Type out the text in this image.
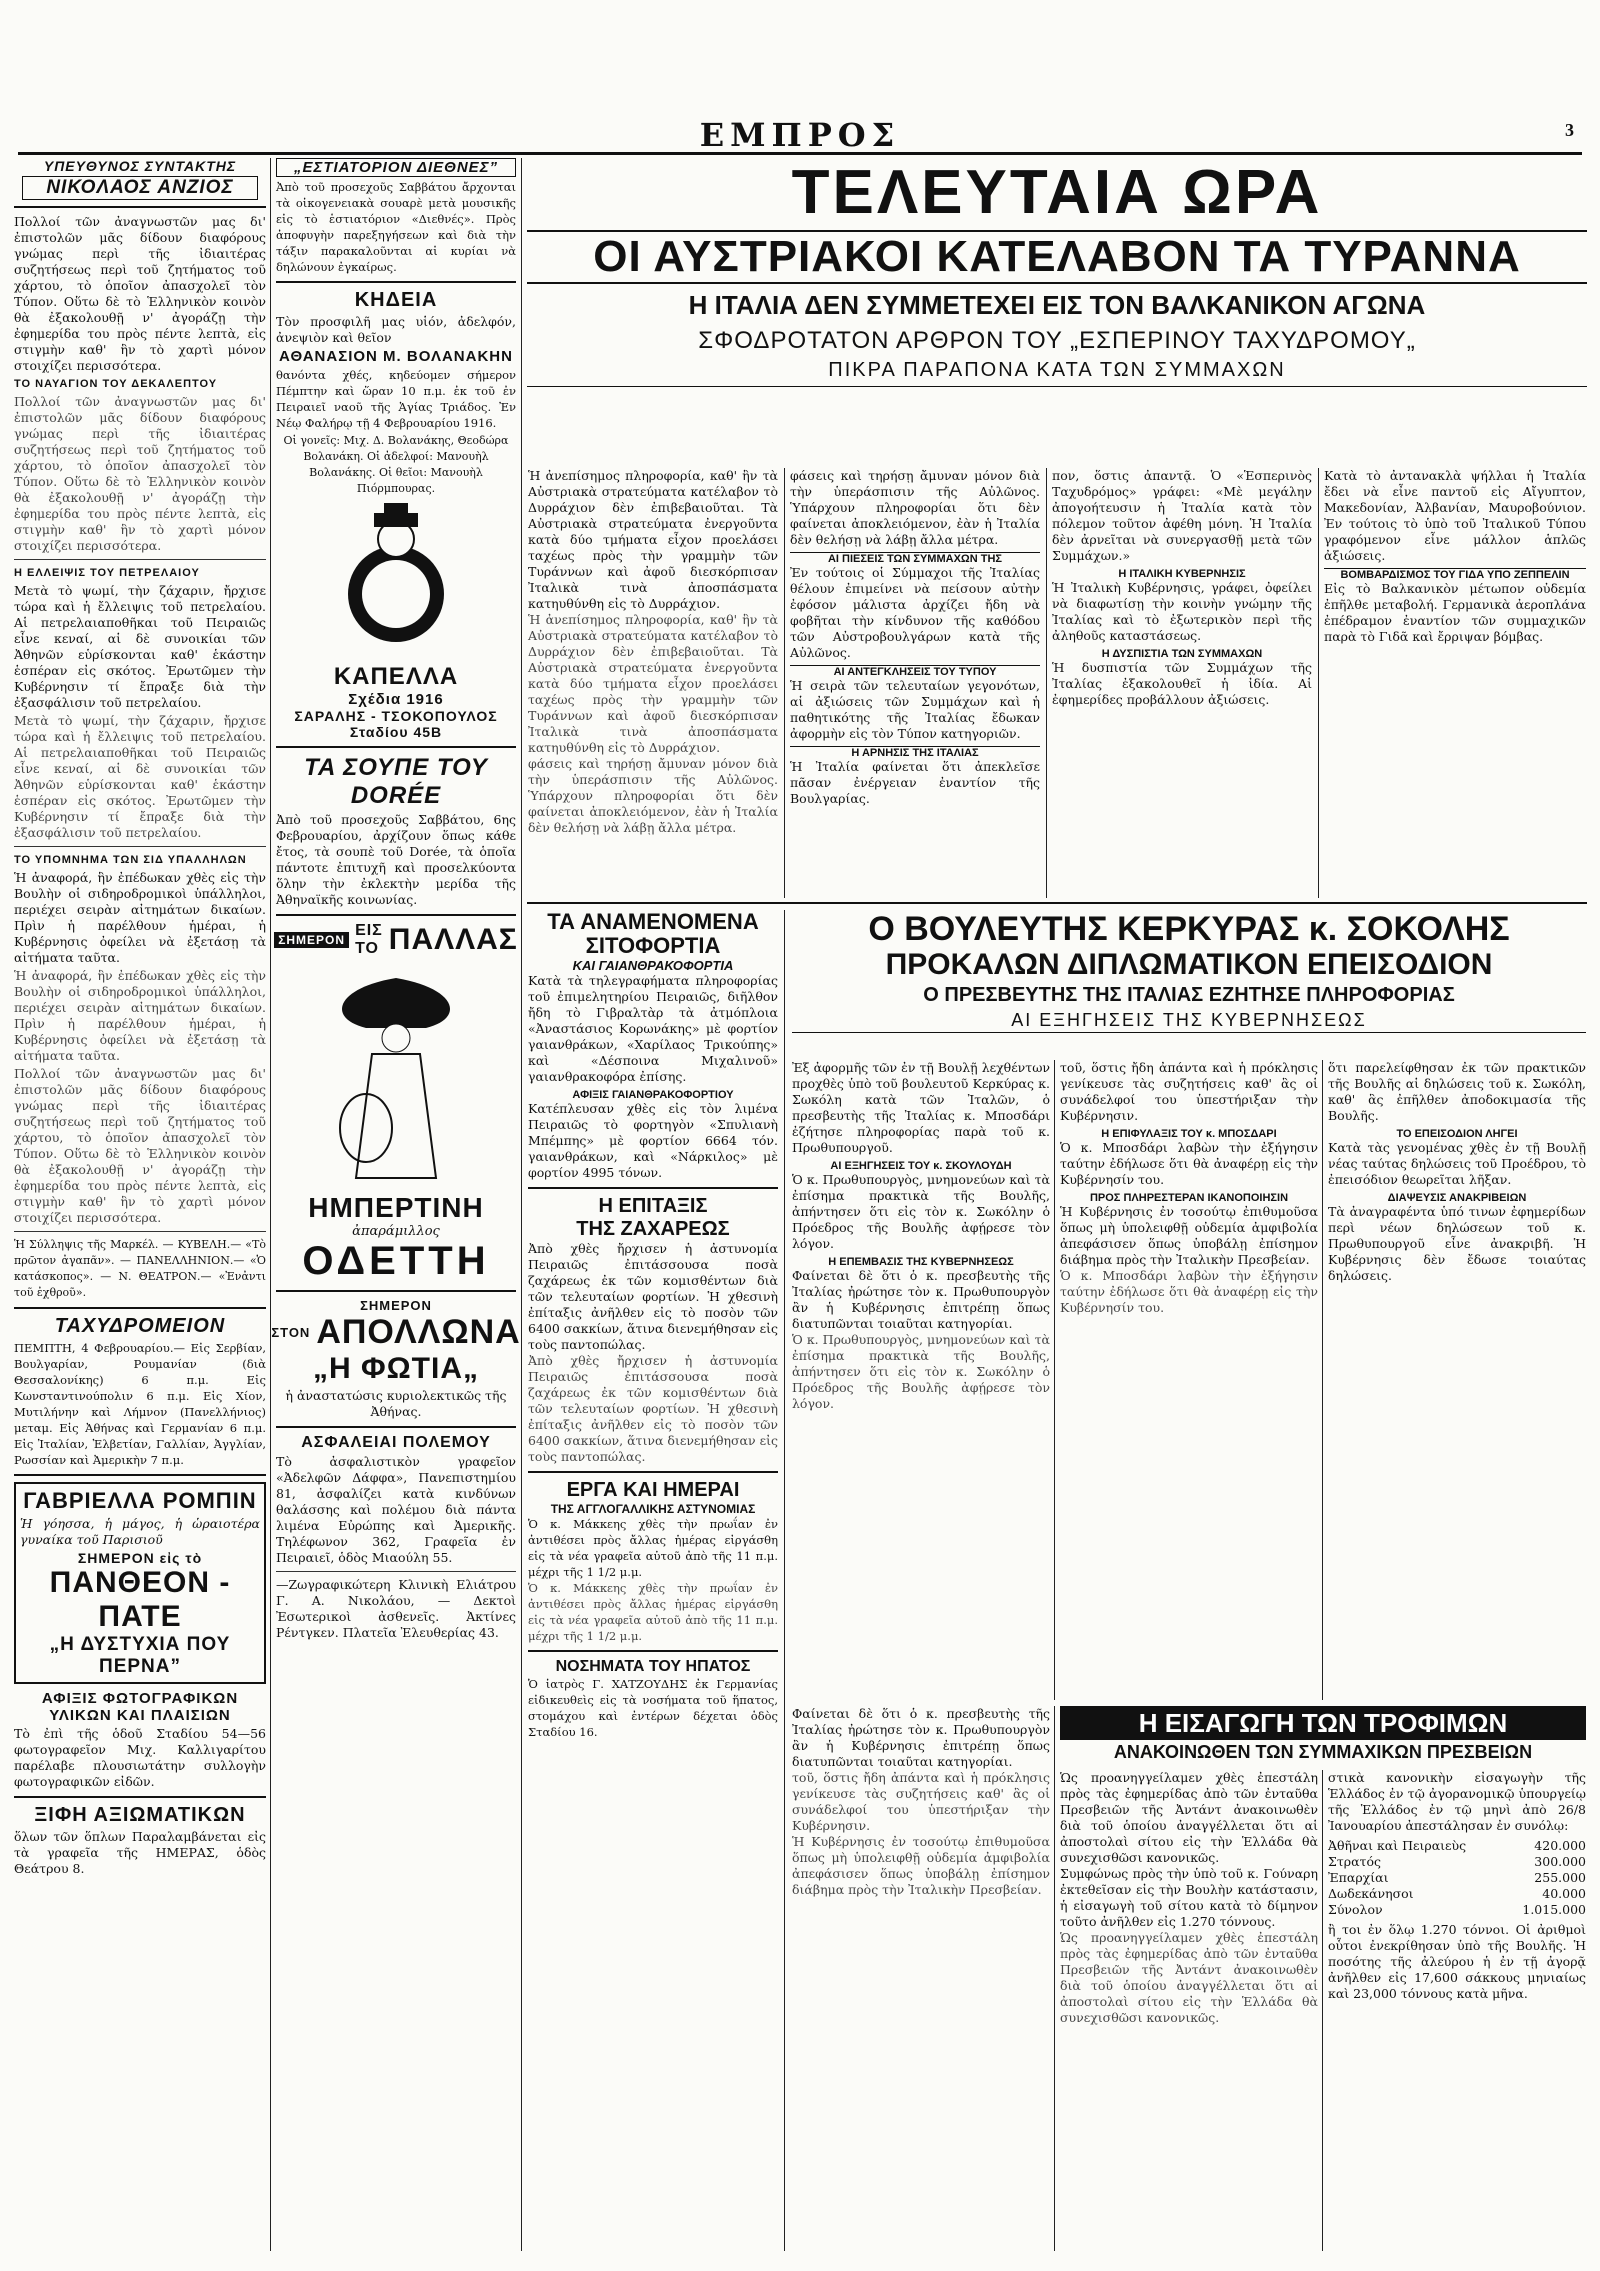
ΕΜΠΡΟΣ	3
ΥΠΕΥΘΥΝΟΣ ΣΥΝΤΑΚΤΗΣ
ΝΙΚΟΛΑΟΣ ΑΝΖΙΟΣ
Πολλοί τῶν ἀναγνωστῶν μας δι' ἐπιστολῶν μᾶς δίδουν διαφόρους γνώμας περὶ τῆς ἰδιαιτέρας συζητήσεως περὶ τοῦ ζητήματος τοῦ χάρτου, τὸ ὁποῖον ἀπασχολεῖ τὸν Τύπον. Οὕτω δὲ τὸ Ἑλληνικὸν κοινὸν θὰ ἐξακολουθῇ ν' ἀγοράζῃ τὴν ἐφημερίδα του πρὸς πέντε λεπτὰ, εἰς στιγμὴν καθ' ἣν τὸ χαρτὶ μόνον στοιχίζει περισσότερα.
ΤΟ ΝΑΥΑΓΙΟΝ ΤΟΥ ΔΕΚΑΛΕΠΤΟΥ
Πολλοί τῶν ἀναγνωστῶν μας δι' ἐπιστολῶν μᾶς δίδουν διαφόρους γνώμας περὶ τῆς ἰδιαιτέρας συζητήσεως περὶ τοῦ ζητήματος τοῦ χάρτου, τὸ ὁποῖον ἀπασχολεῖ τὸν Τύπον. Οὕτω δὲ τὸ Ἑλληνικὸν κοινὸν θὰ ἐξακολουθῇ ν' ἀγοράζῃ τὴν ἐφημερίδα του πρὸς πέντε λεπτὰ, εἰς στιγμὴν καθ' ἣν τὸ χαρτὶ μόνον στοιχίζει περισσότερα.
Η ΕΛΛΕΙΨΙΣ ΤΟΥ ΠΕΤΡΕΛΑΙΟΥ
Μετὰ τὸ ψωμί, τὴν ζάχαριν, ἤρχισε τώρα καὶ ἡ ἔλλειψις τοῦ πετρελαίου. Αἱ πετρελαιαποθῆκαι τοῦ Πειραιῶς εἶνε κεναί, αἱ δὲ συνοικίαι τῶν Ἀθηνῶν εὑρίσκονται καθ' ἑκάστην ἑσπέραν εἰς σκότος. Ἐρωτῶμεν τὴν Κυβέρνησιν τί ἔπραξε διὰ τὴν ἐξασφάλισιν τοῦ πετρελαίου.
Μετὰ τὸ ψωμί, τὴν ζάχαριν, ἤρχισε τώρα καὶ ἡ ἔλλειψις τοῦ πετρελαίου. Αἱ πετρελαιαποθῆκαι τοῦ Πειραιῶς εἶνε κεναί, αἱ δὲ συνοικίαι τῶν Ἀθηνῶν εὑρίσκονται καθ' ἑκάστην ἑσπέραν εἰς σκότος. Ἐρωτῶμεν τὴν Κυβέρνησιν τί ἔπραξε διὰ τὴν ἐξασφάλισιν τοῦ πετρελαίου.
ΤΟ ΥΠΟΜΝΗΜΑ ΤΩΝ ΣΙΔ ΥΠΑΛΛΗΛΩΝ
Ἡ ἀναφορά, ἣν ἐπέδωκαν χθὲς εἰς τὴν Βουλὴν οἱ σιδηροδρομικοὶ ὑπάλληλοι, περιέχει σειρὰν αἰτημάτων δικαίων. Πρὶν ἡ παρέλθουν ἡμέραι, ἡ Κυβέρνησις ὀφείλει νὰ ἐξετάσῃ τὰ αἰτήματα ταῦτα.
Ἡ ἀναφορά, ἣν ἐπέδωκαν χθὲς εἰς τὴν Βουλὴν οἱ σιδηροδρομικοὶ ὑπάλληλοι, περιέχει σειρὰν αἰτημάτων δικαίων. Πρὶν ἡ παρέλθουν ἡμέραι, ἡ Κυβέρνησις ὀφείλει νὰ ἐξετάσῃ τὰ αἰτήματα ταῦτα.
Πολλοί τῶν ἀναγνωστῶν μας δι' ἐπιστολῶν μᾶς δίδουν διαφόρους γνώμας περὶ τῆς ἰδιαιτέρας συζητήσεως περὶ τοῦ ζητήματος τοῦ χάρτου, τὸ ὁποῖον ἀπασχολεῖ τὸν Τύπον. Οὕτω δὲ τὸ Ἑλληνικὸν κοινὸν θὰ ἐξακολουθῇ ν' ἀγοράζῃ τὴν ἐφημερίδα του πρὸς πέντε λεπτὰ, εἰς στιγμὴν καθ' ἣν τὸ χαρτὶ μόνον στοιχίζει περισσότερα.
Ἡ Σύλληψις τῆς Μαρκέλ. — ΚΥΒΕΛΗ.— «Τὸ πρῶτον ἀγαπᾶν». — ΠΑΝΕΛΛΗΝΙΟΝ.— «Ὁ κατάσκοπος». — Ν. ΘΕΑΤΡΟΝ.— «Ἐνἀντι τοῦ ἐχθροῦ».
ΤΑΧΥΔΡΟΜΕΙΟΝ
ΠΕΜΠΤΗ, 4 Φεβρουαρίου.— Εἰς Σερβίαν, Βουλγαρίαν, Ρουμανίαν (διὰ Θεσσαλονίκης) 6 π.μ. Εἰς Κωνσταντινούπολιν 6 π.μ. Εἰς Χίον, Μυτιλήνην καὶ Λήμνον (Πανελλήνιος) μεταμ. Εἰς Ἀθήνας καὶ Γερμανίαν 6 π.μ. Εἰς Ἰταλίαν, Ἑλβετίαν, Γαλλίαν, Ἀγγλίαν, Ρωσσίαν καὶ Ἀμερικὴν 7 π.μ.
ΓΑΒΡΙΕΛΛΑ ΡΟΜΠΙΝ
Ἡ γόησσα, ἡ μάγος, ἡ ὡραιοτέρα γυναίκα τοῦ Παρισιοῦ
ΣΗΜΕΡΟΝ εἰς τὸ
ΠΑΝΘΕΟΝ - ΠΑΤΕ
„Η ΔΥΣΤΥΧΙΑ ΠΟΥ ΠΕΡΝΑ”
ΑΦΙΞΙΣ ΦΩΤΟΓΡΑΦΙΚΩΝ ΥΛΙΚΩΝ ΚΑΙ ΠΛΑΙΣΙΩΝ
Τὸ ἐπὶ τῆς ὁδοῦ Σταδίου 54—56 φωτογραφεῖον Μιχ. Καλλιγαρίτου παρέλαβε πλουσιωτάτην συλλογὴν φωτογραφικῶν εἰδῶν.
ΞΙΦΗ ΑΞΙΩΜΑΤΙΚΩΝ
ὅλων τῶν ὅπλων Παραλαμβάνεται εἰς τὰ γραφεῖα τῆς ΗΜΕΡΑΣ, ὁδὸς Θεάτρου 8.
„ΕΣΤΙΑΤΟΡΙΟΝ ΔΙΕΘΝΕΣ”
Ἀπὸ τοῦ προσεχοῦς Σαββάτου ἄρχονται τὰ οἰκογενειακὰ σουαρὲ μετὰ μουσικῆς εἰς τὸ ἑστιατόριον «Διεθνές». Πρὸς ἀποφυγὴν παρεξηγήσεων καὶ διὰ τὴν τάξιν παρακαλοῦνται αἱ κυρίαι νὰ δηλώνουν ἐγκαίρως.
ΚΗΔΕΙΑ
Τὸν προσφιλῆ μας υἱόν, ἀδελφόν, ἀνεψιὸν καὶ θεῖον
ΑΘΑΝΑΣΙΟΝ Μ. ΒΟΛΑΝΑΚΗΝ
θανόντα χθές, κηδεύομεν σήμερον Πέμπτην καὶ ὥραν 10 π.μ. ἐκ τοῦ ἐν Πειραιεῖ ναοῦ τῆς Ἁγίας Τριάδος. Ἐν Νέῳ Φαλήρῳ τῇ 4 Φεβρουαρίου 1916.
Οἱ γονεῖς: Μιχ. Δ. Βολανάκης, Θεοδώρα Βολανάκη. Οἱ ἀδελφοί: Μανουὴλ Βολανάκης. Οἱ θεῖοι: Μανουὴλ Πιόρμπουρας.
ΚΑΠΕΛΛΑ
Σχέδια 1916
ΣΑΡΑΛΗΣ - ΤΣΟΚΟΠΟΥΛΟΣ
Σταδίου 45Β
ΤΑ ΣΟΥΠΕ ΤΟΥ DORÉE
Ἀπὸ τοῦ προσεχοῦς Σαββάτου, 6ης Φεβρουαρίου, ἀρχίζουν ὅπως κάθε ἔτος, τὰ σουπὲ τοῦ Dorée, τὰ ὁποῖα πάντοτε ἐπιτυχῆ καὶ προσελκύοντα ὅλην τὴν ἐκλεκτὴν μερίδα τῆς Ἀθηναϊκῆς κοινωνίας.
ΣΗΜΕΡΟΝ
ΕΙΣ ΤΟ ΠΑΛΛΑΣ
ΗΜΠΕΡΤΙΝΗ
ἀπαράμιλλος
ΟΔΕΤΤΗ
ΣΗΜΕΡΟΝ
ΣΤΟΝ ΑΠΟΛΛΩΝΑ
„Η ΦΩΤΙΑ„
ἡ ἀναστατώσις κυριολεκτικῶς τῆς Ἀθήνας.
ΑΣΦΑΛΕΙΑΙ ΠΟΛΕΜΟΥ
Τὸ ἀσφαλιστικὸν γραφεῖον «Ἀδελφῶν Δάφφα», Πανεπιστημίου 81, ἀσφαλίζει κατὰ κινδύνων θαλάσσης καὶ πολέμου διὰ πάντα λιμένα Εὐρώπης καὶ Ἀμερικῆς. Τηλέφωνον 362, Γραφεῖα ἐν Πειραιεῖ, ὁδὸς Μιαούλη 55.
—Ζωγραφικώτερη Κλινικὴ Ελιάτρου Γ. Α. Νικολάου, — Δεκτοὶ Ἐσωτερικοὶ ἀσθενεῖς. Ἀκτίνες Ρέντγκεν. Πλατεῖα Ἐλευθερίας 43.
ΤΕΛΕΥΤΑΙΑ ΩΡΑ
ΟΙ ΑΥΣΤΡΙΑΚΟΙ ΚΑΤΕΛΑΒΟΝ ΤΑ ΤΥΡΑΝΝΑ
Η ΙΤΑΛΙΑ ΔΕΝ ΣΥΜΜΕΤΕΧΕΙ ΕΙΣ ΤΟΝ ΒΑΛΚΑΝΙΚΟΝ ΑΓΩΝΑ
ΣΦΟΔΡΟΤΑΤΟΝ ΑΡΘΡΟΝ ΤΟΥ „ΕΣΠΕΡΙΝΟΥ ΤΑΧΥΔΡΟΜΟΥ„
ΠΙΚΡΑ ΠΑΡΑΠΟΝΑ ΚΑΤΑ ΤΩΝ ΣΥΜΜΑΧΩΝ
Ἡ ἀνεπίσημος πληροφορία, καθ' ἣν τὰ Αὐστριακὰ στρατεύματα κατέλαβον τὸ Δυρράχιον δὲν ἐπιβεβαιοῦται. Τὰ Αὐστριακὰ στρατεύματα ἐνεργοῦντα κατὰ δύο τμήματα εἶχον προελάσει ταχέως πρὸς τὴν γραμμὴν τῶν Τυράννων καὶ ἀφοῦ διεσκόρπισαν Ἰταλικὰ τινὰ ἀποσπάσματα κατηυθύνθη εἰς τὸ Δυρράχιον.
Ἡ ἀνεπίσημος πληροφορία, καθ' ἣν τὰ Αὐστριακὰ στρατεύματα κατέλαβον τὸ Δυρράχιον δὲν ἐπιβεβαιοῦται. Τὰ Αὐστριακὰ στρατεύματα ἐνεργοῦντα κατὰ δύο τμήματα εἶχον προελάσει ταχέως πρὸς τὴν γραμμὴν τῶν Τυράννων καὶ ἀφοῦ διεσκόρπισαν Ἰταλικὰ τινὰ ἀποσπάσματα κατηυθύνθη εἰς τὸ Δυρράχιον.
φάσεις καὶ τηρήσῃ ἄμυναν μόνον διὰ τὴν ὑπεράσπισιν τῆς Αὐλῶνος. Ὑπάρχουν πληροφορίαι ὅτι δὲν φαίνεται ἀποκλειόμενον, ἐὰν ἡ Ἰταλία δὲν θελήσῃ νὰ λάβῃ ἄλλα μέτρα.
φάσεις καὶ τηρήσῃ ἄμυναν μόνον διὰ τὴν ὑπεράσπισιν τῆς Αὐλῶνος. Ὑπάρχουν πληροφορίαι ὅτι δὲν φαίνεται ἀποκλειόμενον, ἐὰν ἡ Ἰταλία δὲν θελήσῃ νὰ λάβῃ ἄλλα μέτρα.
ΑΙ ΠΙΕΣΕΙΣ ΤΩΝ ΣΥΜΜΑΧΩΝ ΤΗΣ
Ἐν τούτοις οἱ Σύμμαχοι τῆς Ἰταλίας θέλουν ἐπιμείνει νὰ πείσουν αὐτὴν ἐφόσον μάλιστα ἀρχίζει ἤδη νὰ φοβῆται τὴν κίνδυνον τῆς καθόδου τῶν Αὐστροβουλγάρων κατὰ τῆς Αὐλῶνος.
ΑΙ ΑΝΤΕΓΚΛΗΣΕΙΣ ΤΟΥ ΤΥΠΟΥ
Ἡ σειρὰ τῶν τελευταίων γεγονότων, αἱ ἀξιώσεις τῶν Συμμάχων καὶ ἡ παθητικότης τῆς Ἰταλίας ἔδωκαν ἀφορμὴν εἰς τὸν Τύπον κατηγοριῶν.
Η ΑΡΝΗΣΙΣ ΤΗΣ ΙΤΑΛΙΑΣ
Ἡ Ἰταλία φαίνεται ὅτι ἀπεκλεῖσε πᾶσαν ἐνέργειαν ἐναντίον τῆς Βουλγαρίας.
πον, ὅστις ἀπαντᾷ. Ὁ «Ἑσπερινὸς Ταχυδρόμος» γράφει: «Μὲ μεγάλην ἀπογοήτευσιν ἡ Ἰταλία κατὰ τὸν πόλεμον τοῦτον ἀφέθη μόνη. Ἡ Ἰταλία δὲν ἀρνεῖται νὰ συνεργασθῇ μετὰ τῶν Συμμάχων.»
Η ΙΤΑΛΙΚΗ ΚΥΒΕΡΝΗΣΙΣ
Ἡ Ἰταλικὴ Κυβέρνησις, γράφει, ὀφείλει νὰ διαφωτίσῃ τὴν κοινὴν γνώμην τῆς Ἰταλίας καὶ τὸ ἐξωτερικὸν περὶ τῆς ἀληθοῦς καταστάσεως.
Η ΔΥΣΠΙΣΤΙΑ ΤΩΝ ΣΥΜΜΑΧΩΝ
Ἡ δυσπιστία τῶν Συμμάχων τῆς Ἰταλίας ἐξακολουθεῖ ἡ ἰδία. Αἱ ἐφημερίδες προβάλλουν ἀξιώσεις.
Κατὰ τὸ ἀντανακλὰ ψήλλαι ἡ Ἰταλία ἔδει νὰ εἶνε παντοῦ εἰς Αἴγυπτον, Μακεδονίαν, Ἀλβανίαν, Μαυροβούνιον. Ἐν τούτοις τὸ ὑπὸ τοῦ Ἰταλικοῦ Τύπου γραφόμενον εἶνε μάλλον ἁπλῶς ἀξιώσεις.
ΒΟΜΒΑΡΔΙΣΜΟΣ ΤΟΥ ΓΙΔΑ ΥΠΟ ΖΕΠΠΕΛΙΝ
Εἰς τὸ Βαλκανικὸν μέτωπον οὐδεμία ἐπῆλθε μεταβολή. Γερμανικὰ ἀεροπλάνα ἐπέδραμον ἐναντίον τῶν συμμαχικῶν παρὰ τὸ Γιδᾶ καὶ ἔρριψαν βόμβας.
ΤΑ ΑΝΑΜΕΝΟΜΕΝΑ ΣΙΤΟΦΟΡΤΙΑ
ΚΑΙ ΓΑΙΑΝΘΡΑΚΟΦΟΡΤΙΑ
Κατὰ τὰ τηλεγραφήματα πληροφορίας τοῦ ἐπιμελητηρίου Πειραιῶς, διῆλθον ἤδη τὸ Γιβραλτὰρ τὰ ἀτμόπλοια «Ἀναστάσιος Κορωνάκης» μὲ φορτίον γαιανθράκων, «Χαρίλαος Τρικούπης» καὶ «Δέσποινα Μιχαλινοῦ» γαιανθρακοφόρα ἐπίσης.
ΑΦΙΞΙΣ ΓΑΙΑΝΘΡΑΚΟΦΟΡΤΙΟΥ
Κατέπλευσαν χθὲς εἰς τὸν λιμένα Πειραιῶς τὸ φορτηγὸν «Σπυλιανὴ Μπέμπης» μὲ φορτίον 6664 τόν. γαιανθράκων, καὶ «Νάρκιλος» μὲ φορτίον 4995 τόνων.
Η ΕΠΙΤΑΞΙΣ
ΤΗΣ ΖΑΧΑΡΕΩΣ
Ἀπὸ χθὲς ἤρχισεν ἡ ἀστυνομία Πειραιῶς ἐπιτάσσουσα ποσὰ ζαχάρεως ἐκ τῶν κομισθέντων διὰ τῶν τελευταίων φορτίων. Ἡ χθεσινὴ ἐπίταξις ἀνῆλθεν εἰς τὸ ποσὸν τῶν 6400 σακκίων, ἅτινα διενεμήθησαν εἰς τοὺς παντοπώλας.
Ἀπὸ χθὲς ἤρχισεν ἡ ἀστυνομία Πειραιῶς ἐπιτάσσουσα ποσὰ ζαχάρεως ἐκ τῶν κομισθέντων διὰ τῶν τελευταίων φορτίων. Ἡ χθεσινὴ ἐπίταξις ἀνῆλθεν εἰς τὸ ποσὸν τῶν 6400 σακκίων, ἅτινα διενεμήθησαν εἰς τοὺς παντοπώλας.
ΕΡΓΑ ΚΑΙ ΗΜΕΡΑΙ
ΤΗΣ ΑΓΓΛΟΓΑΛΛΙΚΗΣ ΑΣΤΥΝΟΜΙΑΣ
Ὁ κ. Μάκκεης χθὲς τὴν πρωΐαν ἐν ἀντιθέσει πρὸς ἄλλας ἡμέρας εἰργάσθη εἰς τὰ νέα γραφεῖα αὐτοῦ ἀπὸ τῆς 11 π.μ. μέχρι τῆς 1 1/2 μ.μ.
Ὁ κ. Μάκκεης χθὲς τὴν πρωΐαν ἐν ἀντιθέσει πρὸς ἄλλας ἡμέρας εἰργάσθη εἰς τὰ νέα γραφεῖα αὐτοῦ ἀπὸ τῆς 11 π.μ. μέχρι τῆς 1 1/2 μ.μ.
ΝΟΣΗΜΑΤΑ ΤΟΥ ΗΠΑΤΟΣ
Ὁ ἰατρὸς Γ. ΧΑΤΖΟΥΔΗΣ ἐκ Γερμανίας εἰδικευθεὶς εἰς τὰ νοσήματα τοῦ ἥπατος, στομάχου καὶ ἐντέρων δέχεται ὁδὸς Σταδίου 16.
Ο ΒΟΥΛΕΥΤΗΣ ΚΕΡΚΥΡΑΣ κ. ΣΟΚΟΛΗΣ
ΠΡΟΚΑΛΩΝ ΔΙΠΛΩΜΑΤΙΚΟΝ ΕΠΕΙΣΟΔΙΟΝ
Ο ΠΡΕΣΒΕΥΤΗΣ ΤΗΣ ΙΤΑΛΙΑΣ ΕΖΗΤΗΣΕ ΠΛΗΡΟΦΟΡΙΑΣ
ΑΙ ΕΞΗΓΗΣΕΙΣ ΤΗΣ ΚΥΒΕΡΝΗΣΕΩΣ
Ἐξ ἀφορμῆς τῶν ἐν τῇ Βουλῇ λεχθέντων προχθὲς ὑπὸ τοῦ βουλευτοῦ Κερκύρας κ. Σωκόλη κατὰ τῶν Ἰταλῶν, ὁ πρεσβευτὴς τῆς Ἰταλίας κ. Μποσδάρι ἐζήτησε πληροφορίας παρὰ τοῦ κ. Πρωθυπουργοῦ.
ΑΙ ΕΞΗΓΗΣΕΙΣ ΤΟΥ κ. ΣΚΟΥΛΟΥΔΗ
Ὁ κ. Πρωθυπουργὸς, μνημονεύων καὶ τὰ ἐπίσημα πρακτικὰ τῆς Βουλῆς, ἀπήντησεν ὅτι εἰς τὸν κ. Σωκόλην ὁ Πρόεδρος τῆς Βουλῆς ἀφῄρεσε τὸν λόγον.
Η ΕΠΕΜΒΑΣΙΣ ΤΗΣ ΚΥΒΕΡΝΗΣΕΩΣ
Φαίνεται δὲ ὅτι ὁ κ. πρεσβευτὴς τῆς Ἰταλίας ἠρώτησε τὸν κ. Πρωθυπουργὸν ἂν ἡ Κυβέρνησις ἐπιτρέπῃ ὅπως διατυπῶνται τοιαῦται κατηγορίαι.
Ὁ κ. Πρωθυπουργὸς, μνημονεύων καὶ τὰ ἐπίσημα πρακτικὰ τῆς Βουλῆς, ἀπήντησεν ὅτι εἰς τὸν κ. Σωκόλην ὁ Πρόεδρος τῆς Βουλῆς ἀφῄρεσε τὸν λόγον.
τοῦ, ὅστις ἤδη ἀπάντα καὶ ἡ πρόκλησις γενίκευσε τὰς συζητήσεις καθ' ἃς οἱ συνάδελφοί του ὑπεστήριξαν τὴν Κυβέρνησιν.
Η ΕΠΙΦΥΛΑΞΙΣ ΤΟΥ κ. ΜΠΟΣΔΑΡΙ
Ὁ κ. Μποσδάρι λαβὼν τὴν ἐξήγησιν ταύτην ἐδήλωσε ὅτι θὰ ἀναφέρῃ εἰς τὴν Κυβέρνησίν του.
ΠΡΟΣ ΠΛΗΡΕΣΤΕΡΑΝ ΙΚΑΝΟΠΟΙΗΣΙΝ
Ἡ Κυβέρνησις ἐν τοσούτῳ ἐπιθυμοῦσα ὅπως μὴ ὑπολειφθῇ οὐδεμία ἀμφιβολία ἀπεφάσισεν ὅπως ὑποβάλῃ ἐπίσημον διάβημα πρὸς τὴν Ἰταλικὴν Πρεσβείαν.
Ὁ κ. Μποσδάρι λαβὼν τὴν ἐξήγησιν ταύτην ἐδήλωσε ὅτι θὰ ἀναφέρῃ εἰς τὴν Κυβέρνησίν του.
ὅτι παρελείφθησαν ἐκ τῶν πρακτικῶν τῆς Βουλῆς αἱ δηλώσεις τοῦ κ. Σωκόλη, καθ' ἃς ἐπῆλθεν ἀποδοκιμασία τῆς Βουλῆς.
ΤΟ ΕΠΕΙΣΟΔΙΟΝ ΛΗΓΕΙ
Κατὰ τὰς γενομένας χθὲς ἐν τῇ Βουλῇ νέας ταύτας δηλώσεις τοῦ Προέδρου, τὸ ἐπεισόδιον θεωρεῖται λῆξαν.
ΔΙΑΨΕΥΣΙΣ ΑΝΑΚΡΙΒΕΙΩΝ
Τὰ ἀναγραφέντα ὑπό τινων ἐφημερίδων περὶ νέων δηλώσεων τοῦ κ. Πρωθυπουργοῦ εἶνε ἀνακριβῆ. Ἡ Κυβέρνησις δὲν ἔδωσε τοιαύτας δηλώσεις.
Η ΕΙΣΑΓΩΓΗ ΤΩΝ ΤΡΟΦΙΜΩΝ
ΑΝΑΚΟΙΝΩΘΕΝ ΤΩΝ ΣΥΜΜΑΧΙΚΩΝ ΠΡΕΣΒΕΙΩΝ
Ὡς προανηγγείλαμεν χθὲς ἐπεστάλη πρὸς τὰς ἐφημερίδας ἀπὸ τῶν ἐνταῦθα Πρεσβειῶν τῆς Ἀντάντ ἀνακοινωθὲν διὰ τοῦ ὁποίου ἀναγγέλλεται ὅτι αἱ ἀποστολαὶ σίτου εἰς τὴν Ἑλλάδα θὰ συνεχισθῶσι κανονικῶς.
Συμφώνως πρὸς τὴν ὑπὸ τοῦ κ. Γούναρη ἐκτεθεῖσαν εἰς τὴν Βουλὴν κατάστασιν, ἡ εἰσαγωγὴ τοῦ σίτου κατὰ τὸ δίμηνον τοῦτο ἀνῆλθεν εἰς 1.270 τόννους.
Ὡς προανηγγείλαμεν χθὲς ἐπεστάλη πρὸς τὰς ἐφημερίδας ἀπὸ τῶν ἐνταῦθα Πρεσβειῶν τῆς Ἀντάντ ἀνακοινωθὲν διὰ τοῦ ὁποίου ἀναγγέλλεται ὅτι αἱ ἀποστολαὶ σίτου εἰς τὴν Ἑλλάδα θὰ συνεχισθῶσι κανονικῶς.
στικὰ κανονικὴν εἰσαγωγὴν τῆς Ἑλλάδος ἐν τῷ ἀγορανομικῷ ὑπουργείῳ τῆς Ἑλλάδος ἐν τῷ μηνὶ ἀπὸ 26/8 Ἰανουαρίου ἀπεστάλησαν ἐν συνόλῳ:
Ἀθῆναι καὶ Πειραιεὺς	420.000
Στρατός	300.000
Ἐπαρχίαι	255.000
Δωδεκάνησοι	40.000
Σύνολον	1.015.000
ἢ τοι ἐν ὅλῳ 1.270 τόννοι. Οἱ ἀριθμοὶ οὗτοι ἐνεκρίθησαν ὑπὸ τῆς Βουλῆς. Ἡ ποσότης τῆς ἀλεύρου ἡ ἐν τῇ ἀγορᾷ ἀνῆλθεν εἰς 17,600 σάκκους μηνιαίως καὶ 23,000 τόννους κατὰ μῆνα.
Φαίνεται δὲ ὅτι ὁ κ. πρεσβευτὴς τῆς Ἰταλίας ἠρώτησε τὸν κ. Πρωθυπουργὸν ἂν ἡ Κυβέρνησις ἐπιτρέπῃ ὅπως διατυπῶνται τοιαῦται κατηγορίαι.
τοῦ, ὅστις ἤδη ἀπάντα καὶ ἡ πρόκλησις γενίκευσε τὰς συζητήσεις καθ' ἃς οἱ συνάδελφοί του ὑπεστήριξαν τὴν Κυβέρνησιν.
Ἡ Κυβέρνησις ἐν τοσούτῳ ἐπιθυμοῦσα ὅπως μὴ ὑπολειφθῇ οὐδεμία ἀμφιβολία ἀπεφάσισεν ὅπως ὑποβάλῃ ἐπίσημον διάβημα πρὸς τὴν Ἰταλικὴν Πρεσβείαν.
